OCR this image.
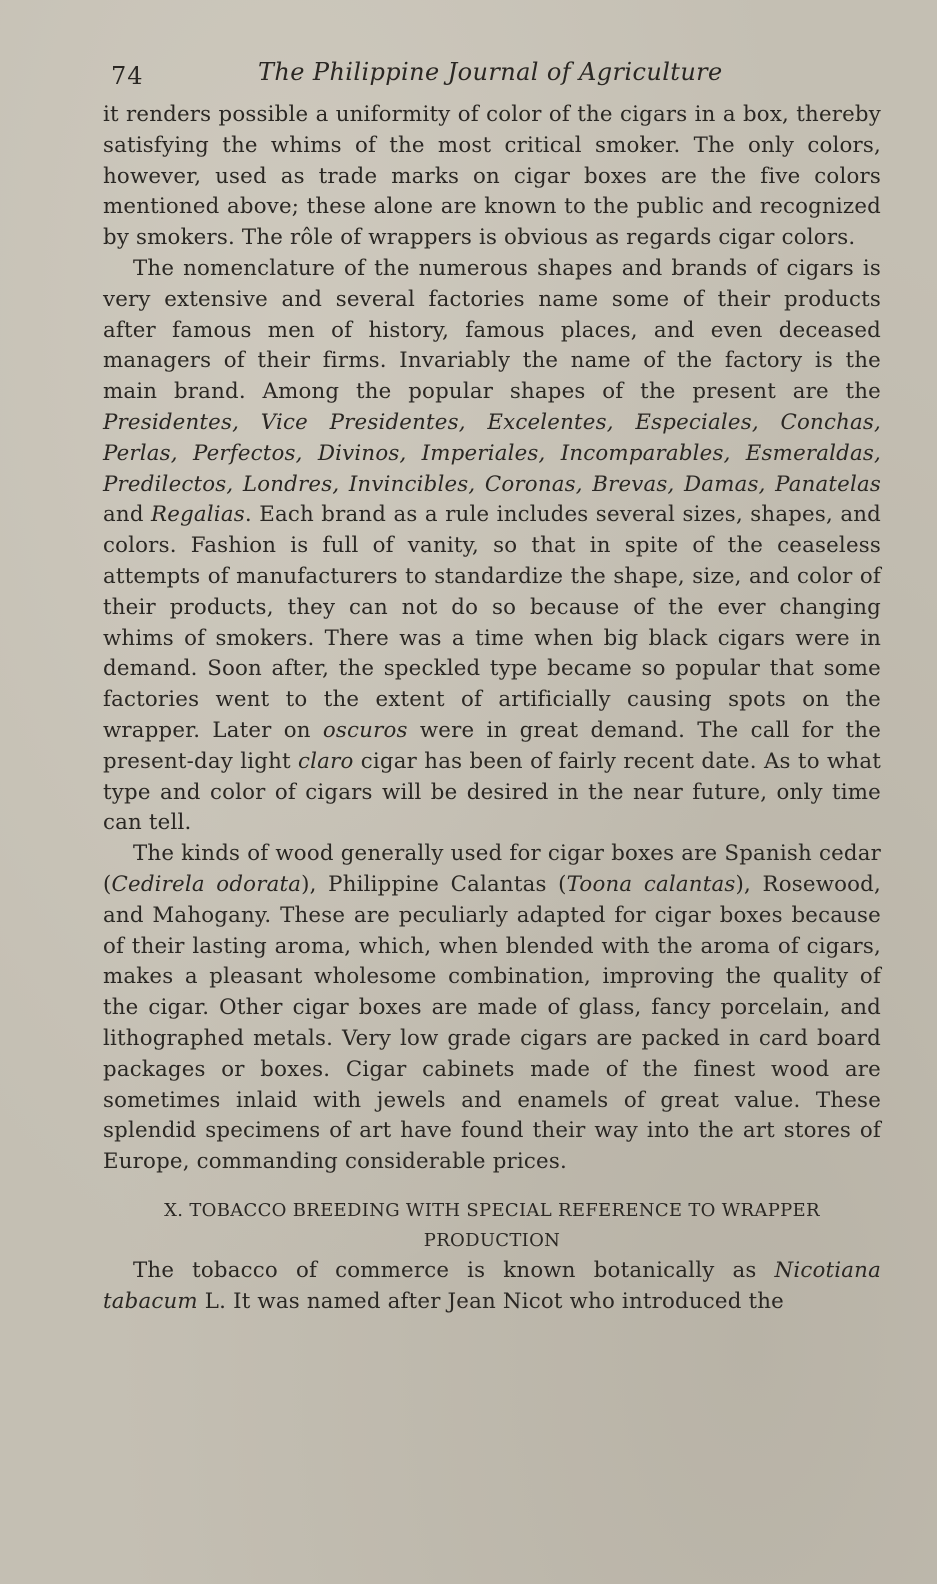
74	The Philippine Journal of Agriculture

it renders possible a uniformity of color of the cigars in a box, thereby satisfying the whims of the most critical smoker. The only colors, however, used as trade marks on cigar boxes are the five colors mentioned above; these alone are known to the public and recognized by smokers. The rôle of wrappers is obvious as regards cigar colors.

The nomenclature of the numerous shapes and brands of cigars is very extensive and several factories name some of their products after famous men of history, famous places, and even deceased managers of their firms. Invariably the name of the factory is the main brand. Among the popular shapes of the present are the Presidentes, Vice Presidentes, Excelentes, Especiales, Conchas, Perlas, Perfectos, Divinos, Imperiales, Incomparables, Esmeraldas, Predilectos, Londres, Invincibles, Coronas, Brevas, Damas, Panatelas and Regalias. Each brand as a rule includes several sizes, shapes, and colors. Fashion is full of vanity, so that in spite of the ceaseless attempts of manufacturers to standardize the shape, size, and color of their products, they can not do so because of the ever changing whims of smokers. There was a time when big black cigars were in demand. Soon after, the speckled type became so popular that some factories went to the extent of artificially causing spots on the wrapper. Later on oscuros were in great demand. The call for the present-day light claro cigar has been of fairly recent date. As to what type and color of cigars will be desired in the near future, only time can tell.

The kinds of wood generally used for cigar boxes are Spanish cedar (Cedirela odorata), Philippine Calantas (Toona calantas), Rosewood, and Mahogany. These are peculiarly adapted for cigar boxes because of their lasting aroma, which, when blended with the aroma of cigars, makes a pleasant wholesome combination, improving the quality of the cigar. Other cigar boxes are made of glass, fancy porcelain, and lithographed metals. Very low grade cigars are packed in card board packages or boxes. Cigar cabinets made of the finest wood are sometimes inlaid with jewels and enamels of great value. These splendid specimens of art have found their way into the art stores of Europe, commanding considerable prices.

X. TOBACCO BREEDING WITH SPECIAL REFERENCE TO WRAPPER
PRODUCTION

The tobacco of commerce is known botanically as Nicotiana tabacum L. It was named after Jean Nicot who introduced the
